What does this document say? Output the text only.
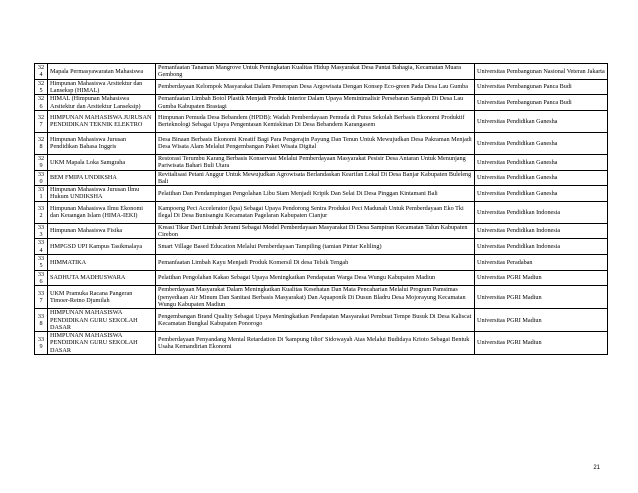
324	Mapala Permasyawaratan Mahasiswa	Pemanfaatan Tanaman Mangrove Untuk Peningkatan Kualitas Hidup Masyarakat Desa Pantai Bahagia, Kecamatan Muara Gembong	Universitas Pembangunan Nasional Veteran Jakarta
325	Himpunan Mahasiswa Arsitektur dan Lanseksp (HIMAL)	Pemberdayaan Kelompok Masyarakat Dalam Penerapan Desa Argowisata Dengan Konsep Eco-green Pada Desa Lau Gumba	Universitas Pembangunan Panca Budi
326	HIMAL (Himpunan Mahasiswa Arsitektur dan Arsitektur Lanseksip)	Pemanfaatan Limbah Botol Plastik Menjadi Produk Interior Dalam Upaya Meminimalisir Persebaran Sampah Di Desa Lau Gumba Kabupaten Brastagi	Universitas Pembangunan Panca Budi
327	HIMPUNAN MAHASISWA JURUSAN PENDIDIKAN TEKNIK ELEKTRO	Himpunan Pemuda Desa Bebandem (HPDB): Wadah Pemberdayaan Pemuda di Putus Sekolah Berbasis Ekonomi Produktif Berteknologi Sebagai Upaya Pengentasan Kemiskinan Di Desa Bebandem Karangasem	Universitas Pendidikan Ganesha
328	Himpunan Mahasiswa Jurusan Pendidikan Bahasa Inggris	Desa Binaan Berbasis Ekonomi Kreatif Bagi Para Pengerajin Payung Dan Tenun Untuk Mewujudkan Desa Pakraman Menjadi Desa Wisata Alam Melalui Pengembangan Paket Wisata Digital	Universitas Pendidikan Ganesha
329	UKM Mapala Loka Samgraha	Restorasi Terumbu Karang Berbasis Konservasi Melalui Pemberdayaan Masyarakat Pesisir Desa Antaran Untuk Menunjang Pariwisata Bahari Buli Utara	Universitas Pendidikan Ganesha
330	BEM FMIPA UNDIKSHA	Revitalisasi Petani Anggur Untuk Mewujudkan Agrowisata Berlandaskan Kearifan Lokal Di Desa Banjar Kabupaten Buleleng Bali	Universitas Pendidikan Ganesha
331	Himpunan Mahasiswa Jurusan Ilmu Hukum UNDIKSHA	Pelatihan Dan Pendampingan Pengolahan Libu Siam Menjadi Kripik Dan Selai Di Desa Pinggan Kintamani Bali	Universitas Pendidikan Ganesha
332	Himpunan Mahasiswa Ilmu Ekonomi dan Keuangan Islam (HIMA-IEKI)	Kampoeng Peci Accelerator (kpa) Sebagai Upaya Pendorong Sentra Produksi Peci Madunah Untuk Pemberdayaan Eko Tki Ilegal Di Desa Bunisangiu Kecamatan Pagelaran Kabupaten Cianjur	Universitas Pendidikan Indonesia
333	Himpunan Mahasiswa Fisika	Kreasi Tikar Dari Limbah Jerami Sebagai Model Pemberdayaan Masyarakat Di Desa Sampiran Kecamatan Talun Kabupaten Cirebon	Universitas Pendidikan Indonesia
334	HMPGSD UPI Kampus Tasikmalaya	Smart Village Based Education Melalui Pemberdayaan Tampiling (tamian Pintar Keliling)	Universitas Pendidikan Indonesia
335	HIMMATIKA	Pemanfaatan Limbah Kayu Menjadi Produk Komersil Di desa Telsik Tengah	Universitas Peradaban
336	SADHUTA MADHUSWARA	Pelatihan Pengolahan Kakao Sebagai Upaya Meningkatkan Pendapatan Warga Desa Wungu Kabupaten Madiun	Universitas PGRI Madiun
337	UKM Pramuka Racana Pangeran Timoer-Retno Djumilah	Pemberdayaan Masyarakat Dalam Meningkatkan Kualitas Kesehatan Dan Mata Pencaharian Melalui Program Pamsimas (penyediaan Air Minum Dan Sanitasi Berbasis Masyarakat) Dan Aquaponik Di Dusun Bladru Desa Mojorayung Kecamatan Wungu Kabupaten Madiun	Universitas PGRI Madiun
338	HIMPUNAN MAHASISWA PENDIDIKAN GURU SEKOLAH DASAR	Pengembangan Brand Quality Sebagai Upaya Meningkatkan Pendapatan Masyarakat Pembuat Tempe Busuk Di Desa Kaliscat Kecamatan Bungkal Kabupaten Ponorogo	Universitas PGRI Madiun
339	HIMPUNAN MAHASISWA PENDIDIKAN GURU SEKOLAH DASAR	Pemberdayaan Penyandang Mental Retardation Di 'kampung Idiot' Sidowayah Atas Melalui Budidaya Krioto Sebagai Bentuk Usaha Kemandirian Ekonomi	Universitas PGRI Madiun
21
